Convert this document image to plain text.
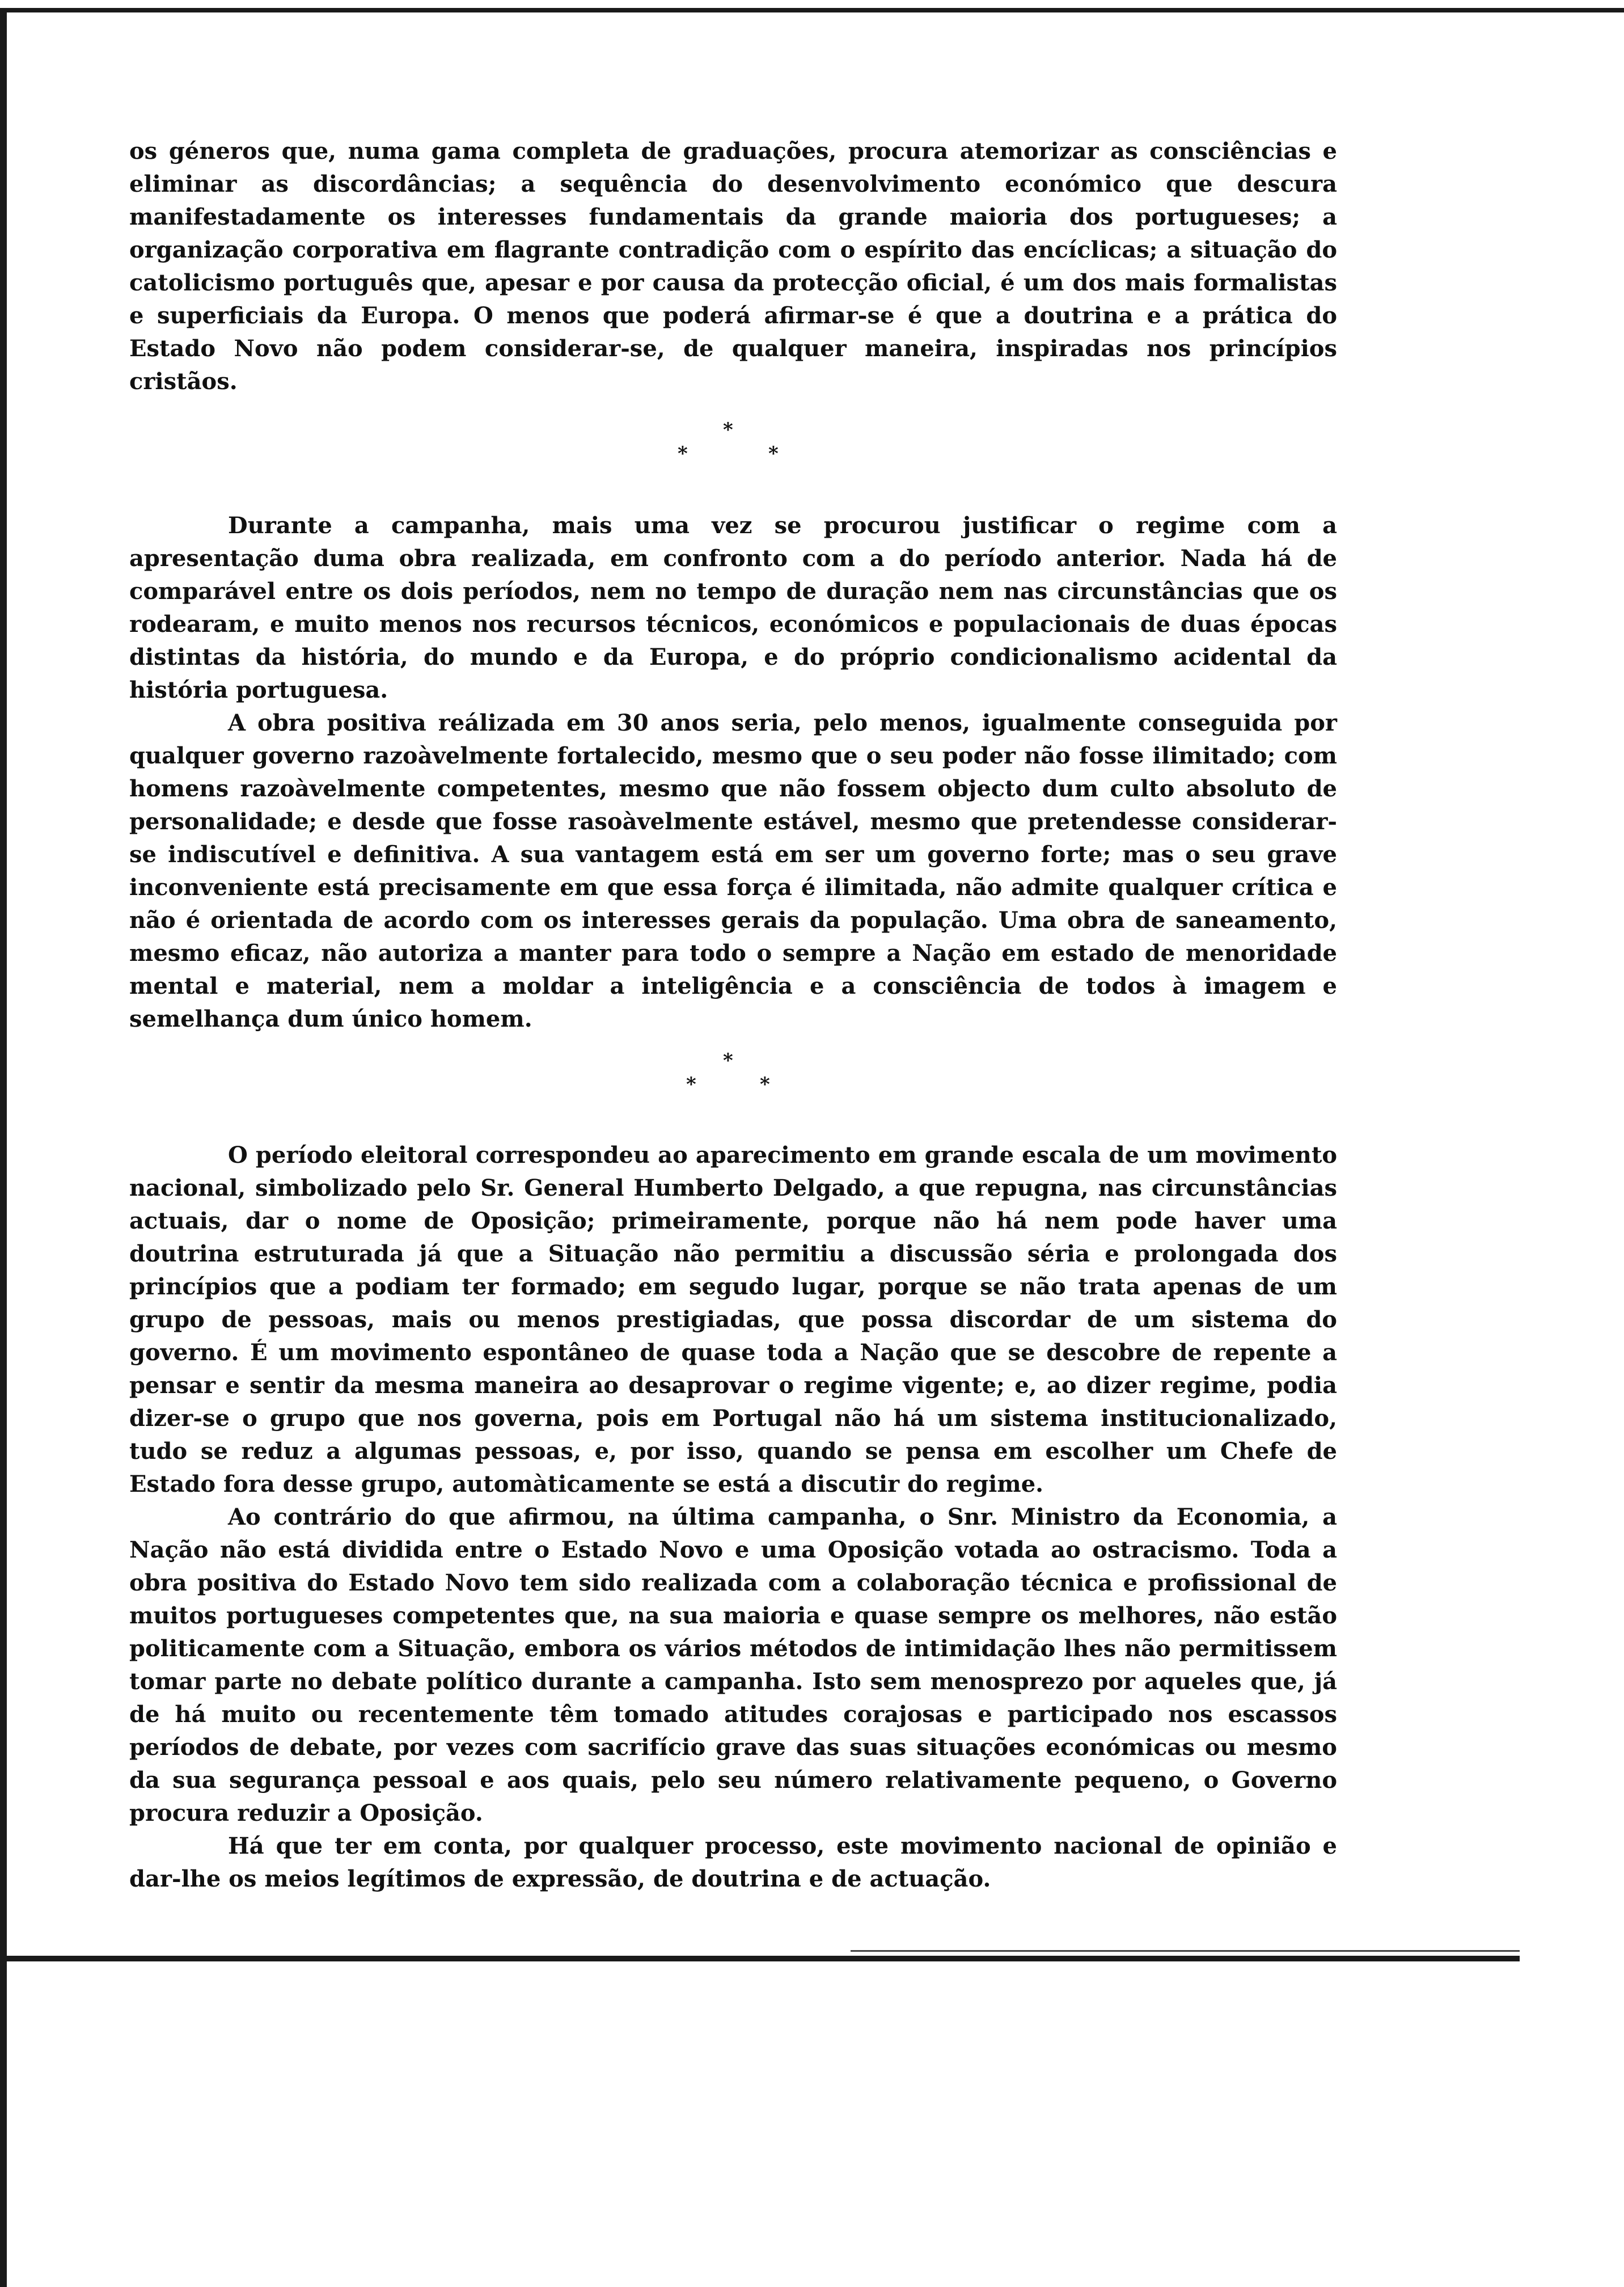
os géneros que, numa gama completa de graduações, procura atemorizar as consciências e eliminar as discordâncias; a sequência do desenvolvimento económico que descura manifestadamente os interesses fundamentais da grande maioria dos portugueses; a organização corporativa em flagrante contradição com o espírito das encíclicas; a situação do catolicismo português que, apesar e por causa da protecção oficial, é um dos mais formalistas e superficiais da Europa. O menos que poderá afirmar-se é que a doutrina e a prática do Estado Novo não podem considerar-se, de qualquer maneira, inspiradas nos princípios cristãos.

*
*	*

Durante a campanha, mais uma vez se procurou justificar o regime com a apresentação duma obra realizada, em confronto com a do período anterior. Nada há de comparável entre os dois períodos, nem no tempo de duração nem nas circunstâncias que os rodearam, e muito menos nos recursos técnicos, económicos e populacionais de duas épocas distintas da história, do mundo e da Europa, e do próprio condicionalismo acidental da história portuguesa.

A obra positiva reálizada em 30 anos seria, pelo menos, igualmente conseguida por qualquer governo razoàvelmente fortalecido, mesmo que o seu poder não fosse ilimitado; com homens razoàvelmente competentes, mesmo que não fossem objecto dum culto absoluto de personalidade; e desde que fosse rasoàvelmente estável, mesmo que pretendesse considerar-se indiscutível e definitiva. A sua vantagem está em ser um governo forte; mas o seu grave inconveniente está precisamente em que essa força é ilimitada, não admite qualquer crítica e não é orientada de acordo com os interesses gerais da população. Uma obra de saneamento, mesmo eficaz, não autoriza a manter para todo o sempre a Nação em estado de menoridade mental e material, nem a moldar a inteligência e a consciência de todos à imagem e semelhança dum único homem.

*
*	*

O período eleitoral correspondeu ao aparecimento em grande escala de um movimento nacional, simbolizado pelo Sr. General Humberto Delgado, a que repugna, nas circunstâncias actuais, dar o nome de Oposição; primeiramente, porque não há nem pode haver uma doutrina estruturada já que a Situação não permitiu a discussão séria e prolongada dos princípios que a podiam ter formado; em segudo lugar, porque se não trata apenas de um grupo de pessoas, mais ou menos prestigiadas, que possa discordar de um sistema do governo. É um movimento espontâneo de quase toda a Nação que se descobre de repente a pensar e sentir da mesma maneira ao desaprovar o regime vigente; e, ao dizer regime, podia dizer-se o grupo que nos governa, pois em Portugal não há um sistema institucionalizado, tudo se reduz a algumas pessoas, e, por isso, quando se pensa em escolher um Chefe de Estado fora desse grupo, automàticamente se está a discutir do regime.

Ao contrário do que afirmou, na última campanha, o Snr. Ministro da Economia, a Nação não está dividida entre o Estado Novo e uma Oposição votada ao ostracismo. Toda a obra positiva do Estado Novo tem sido realizada com a colaboração técnica e profissional de muitos portugueses competentes que, na sua maioria e quase sempre os melhores, não estão politicamente com a Situação, embora os vários métodos de intimidação lhes não permitissem tomar parte no debate político durante a campanha. Isto sem menosprezo por aqueles que, já de há muito ou recentemente têm tomado atitudes corajosas e participado nos escassos períodos de debate, por vezes com sacrifício grave das suas situações económicas ou mesmo da sua segurança pessoal e aos quais, pelo seu número relativamente pequeno, o Governo procura reduzir a Oposição.

Há que ter em conta, por qualquer processo, este movimento nacional de opinião e dar-lhe os meios legítimos de expressão, de doutrina e de actuação.
